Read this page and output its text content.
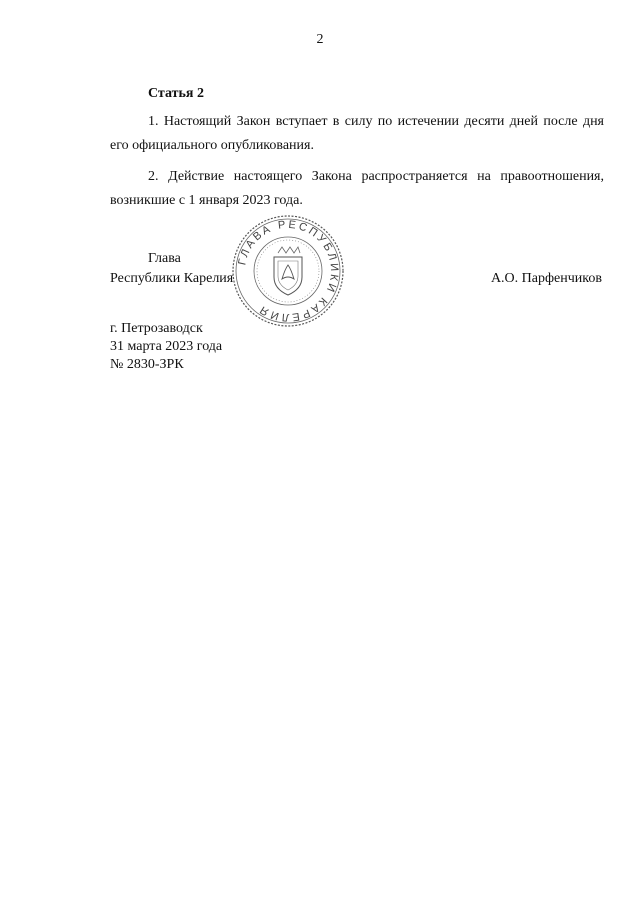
2
Статья 2

1. Настоящий Закон вступает в силу по истечении десяти дней после дня его официального опубликования.

2. Действие настоящего Закона распространяется на правоотношения, возникшие с 1 января 2023 года.

ГЛАВА РЕСПУБЛИКИ КАРЕЛИЯ
Глава
Республики Карелия	А.О. Парфенчиков
г. Петрозаводск
31 марта 2023 года
№ 2830-ЗРК
